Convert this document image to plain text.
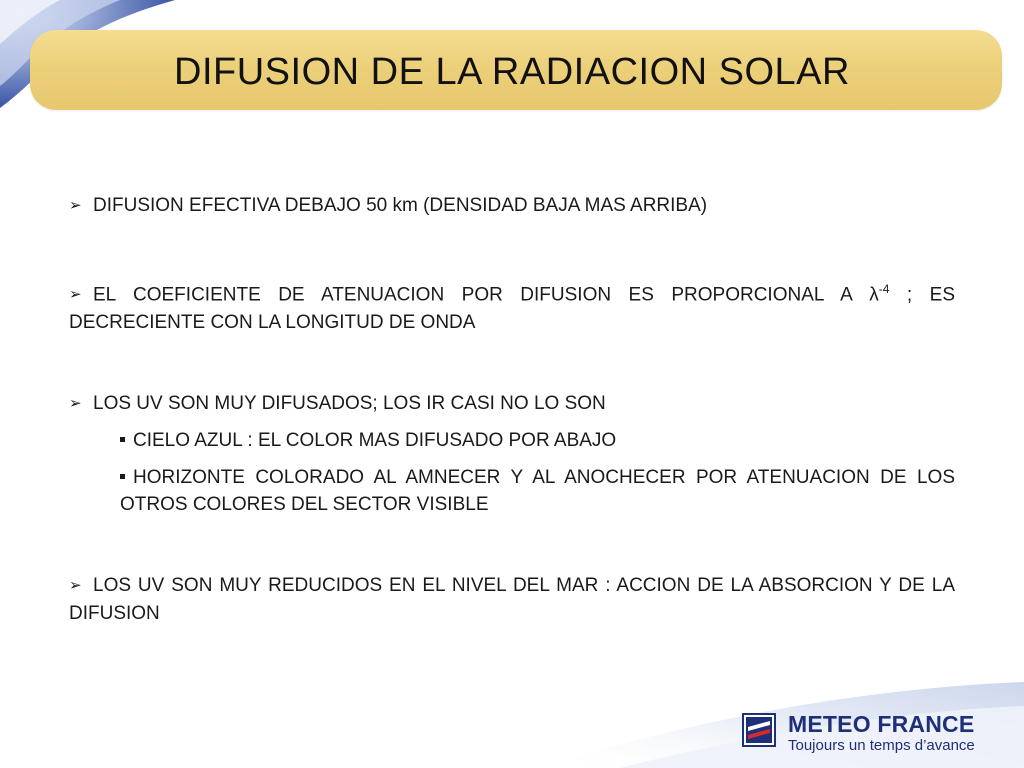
DIFUSION DE LA RADIACION SOLAR

➢ DIFUSION EFECTIVA DEBAJO 50 km (DENSIDAD BAJA MAS ARRIBA)

➢ EL COEFICIENTE DE ATENUACION POR DIFUSION ES PROPORCIONAL A $\lambda^{-4}$ ; ES DECRECIENTE CON LA LONGITUD DE ONDA

➢ LOS UV SON MUY DIFUSADOS; LOS IR CASI NO LO SON

CIELO AZUL : EL COLOR MAS DIFUSADO POR ABAJO

HORIZONTE COLORADO AL AMNECER Y AL ANOCHECER POR ATENUACION DE LOS OTROS COLORES DEL SECTOR VISIBLE

➢ LOS UV SON MUY REDUCIDOS EN EL NIVEL DEL MAR : ACCION DE LA ABSORCION Y DE LA DIFUSION

METEO FRANCE
Toujours un temps d’avance
